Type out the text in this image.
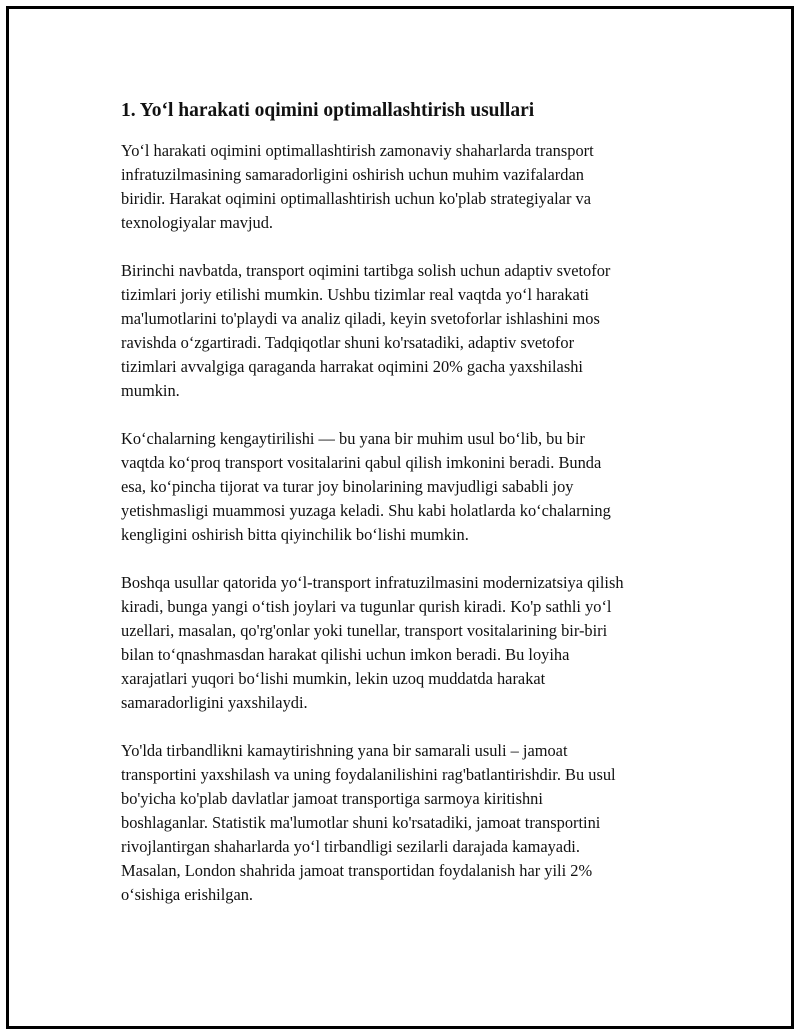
1. Yo‘l harakati oqimini optimallashtirish usullari

Yo‘l harakati oqimini optimallashtirish zamonaviy shaharlarda transport
infratuzilmasining samaradorligini oshirish uchun muhim vazifalardan
biridir. Harakat oqimini optimallashtirish uchun ko'plab strategiyalar va
texnologiyalar mavjud.

Birinchi navbatda, transport oqimini tartibga solish uchun adaptiv svetofor
tizimlari joriy etilishi mumkin. Ushbu tizimlar real vaqtda yo‘l harakati
ma'lumotlarini to'playdi va analiz qiladi, keyin svetoforlar ishlashini mos
ravishda o‘zgartiradi. Tadqiqotlar shuni ko'rsatadiki, adaptiv svetofor
tizimlari avvalgiga qaraganda harrakat oqimini 20% gacha yaxshilashi
mumkin.

Ko‘chalarning kengaytirilishi — bu yana bir muhim usul bo‘lib, bu bir
vaqtda ko‘proq transport vositalarini qabul qilish imkonini beradi. Bunda
esa, ko‘pincha tijorat va turar joy binolarining mavjudligi sababli joy
yetishmasligi muammosi yuzaga keladi. Shu kabi holatlarda ko‘chalarning
kengligini oshirish bitta qiyinchilik bo‘lishi mumkin.

Boshqa usullar qatorida yo‘l-transport infratuzilmasini modernizatsiya qilish
kiradi, bunga yangi o‘tish joylari va tugunlar qurish kiradi. Ko'p sathli yo‘l
uzellari, masalan, qo'rg'onlar yoki tunellar, transport vositalarining bir-biri
bilan to‘qnashmasdan harakat qilishi uchun imkon beradi. Bu loyiha
xarajatlari yuqori bo‘lishi mumkin, lekin uzoq muddatda harakat
samaradorligini yaxshilaydi.

Yo'lda tirbandlikni kamaytirishning yana bir samarali usuli – jamoat
transportini yaxshilash va uning foydalanilishini rag'batlantirishdir. Bu usul
bo'yicha ko'plab davlatlar jamoat transportiga sarmoya kiritishni
boshlaganlar. Statistik ma'lumotlar shuni ko'rsatadiki, jamoat transportini
rivojlantirgan shaharlarda yo‘l tirbandligi sezilarli darajada kamayadi.
Masalan, London shahrida jamoat transportidan foydalanish har yili 2%
o‘sishiga erishilgan.
